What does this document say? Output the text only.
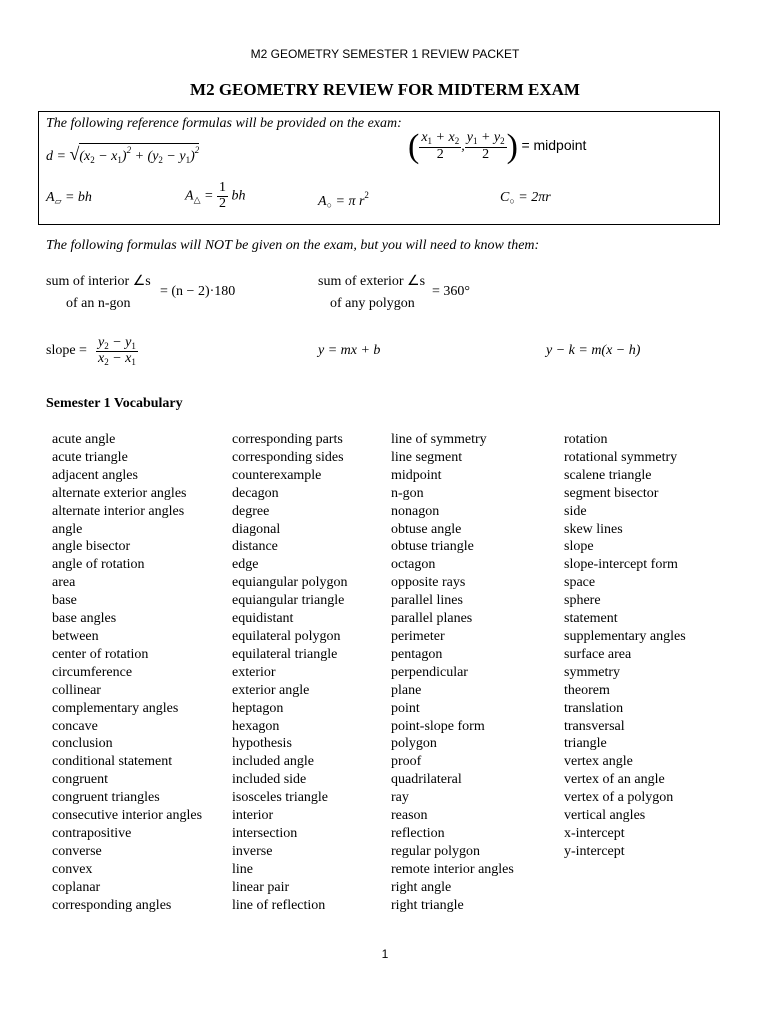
M2 GEOMETRY SEMESTER 1 REVIEW PACKET
M2 GEOMETRY REVIEW FOR MIDTERM EXAM
The following reference formulas will be provided on the exam:
$d = √(x_2 - x_1)^2 + (y_2 - y_1)^2$	( $\frac{x_1 + x_2}{2}$ , $\frac{y_1 + y_2}{2}$ ) = midpoint
$A_▱$ = bh	$A_\triangle = \frac{1}{2}$ bh	$A_○ = \pi$ $r^2$	$C_○ = 2\pi r$
The following formulas will NOT be given on the exam, but you will need to know them:
sum of interior ∠s
of an n-gon
= (n − 2)·180
sum of exterior ∠s
of any polygon
= 360°
slope = $\frac{y_2 - y_1}{x_2 - x_1}$	y = mx + b	y − k = m(x − h)
Semester 1 Vocabulary
acute angle
acute triangle
adjacent angles
alternate exterior angles
alternate interior angles
angle
angle bisector
angle of rotation
area
base
base angles
between
center of rotation
circumference
collinear
complementary angles
concave
conclusion
conditional statement
congruent
congruent triangles
consecutive interior angles
contrapositive
converse
convex
coplanar
corresponding angles
corresponding parts
corresponding sides
counterexample
decagon
degree
diagonal
distance
edge
equiangular polygon
equiangular triangle
equidistant
equilateral polygon
equilateral triangle
exterior
exterior angle
heptagon
hexagon
hypothesis
included angle
included side
isosceles triangle
interior
intersection
inverse
line
linear pair
line of reflection
line of symmetry
line segment
midpoint
n-gon
nonagon
obtuse angle
obtuse triangle
octagon
opposite rays
parallel lines
parallel planes
perimeter
pentagon
perpendicular
plane
point
point-slope form
polygon
proof
quadrilateral
ray
reason
reflection
regular polygon
remote interior angles
right angle
right triangle
rotation
rotational symmetry
scalene triangle
segment bisector
side
skew lines
slope
slope-intercept form
space
sphere
statement
supplementary angles
surface area
symmetry
theorem
translation
transversal
triangle
vertex angle
vertex of an angle
vertex of a polygon
vertical angles
x-intercept
y-intercept
1
